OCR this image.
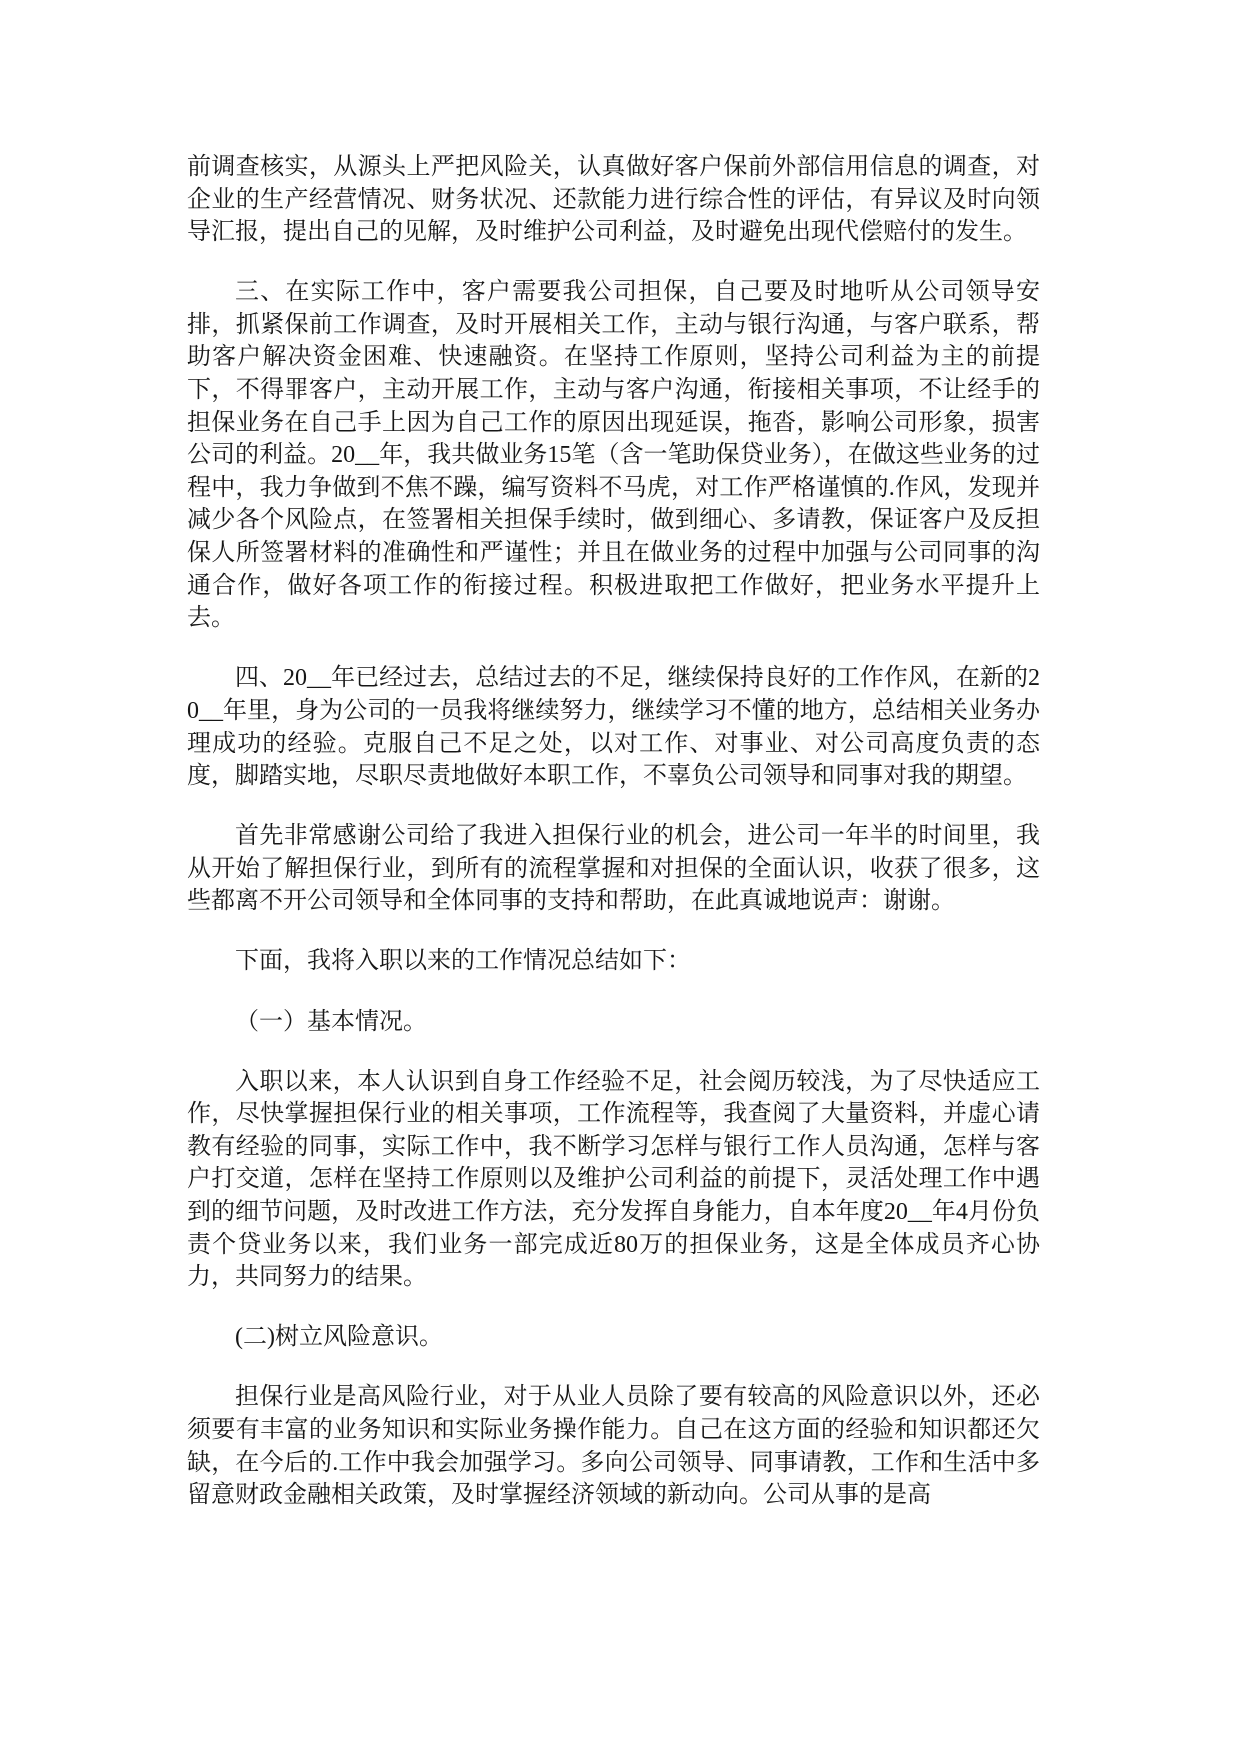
前调查核实，从源头上严把风险关，认真做好客户保前外部信用信息的调查，对企业的生产经营情况、财务状况、还款能力进行综合性的评估，有异议及时向领导汇报，提出自己的见解，及时维护公司利益，及时避免出现代偿赔付的发生。

三、在实际工作中，客户需要我公司担保，自己要及时地听从公司领导安排，抓紧保前工作调查，及时开展相关工作，主动与银行沟通，与客户联系，帮助客户解决资金困难、快速融资。在坚持工作原则，坚持公司利益为主的前提下，不得罪客户，主动开展工作，主动与客户沟通，衔接相关事项，不让经手的担保业务在自己手上因为自己工作的原因出现延误，拖沓，影响公司形象，损害公司的利益。20__年，我共做业务15笔（含一笔助保贷业务），在做这些业务的过程中，我力争做到不焦不躁，编写资料不马虎，对工作严格谨慎的.作风，发现并减少各个风险点，在签署相关担保手续时，做到细心、多请教，保证客户及反担保人所签署材料的准确性和严谨性；并且在做业务的过程中加强与公司同事的沟通合作，做好各项工作的衔接过程。积极进取把工作做好，把业务水平提升上去。

四、20__年已经过去，总结过去的不足，继续保持良好的工作作风，在新的20__年里，身为公司的一员我将继续努力，继续学习不懂的地方，总结相关业务办理成功的经验。克服自己不足之处，以对工作、对事业、对公司高度负责的态度，脚踏实地，尽职尽责地做好本职工作，不辜负公司领导和同事对我的期望。

首先非常感谢公司给了我进入担保行业的机会，进公司一年半的时间里，我从开始了解担保行业，到所有的流程掌握和对担保的全面认识，收获了很多，这些都离不开公司领导和全体同事的支持和帮助，在此真诚地说声：谢谢。

下面，我将入职以来的工作情况总结如下：

（一）基本情况。

入职以来，本人认识到自身工作经验不足，社会阅历较浅，为了尽快适应工作，尽快掌握担保行业的相关事项，工作流程等，我查阅了大量资料，并虚心请教有经验的同事，实际工作中，我不断学习怎样与银行工作人员沟通，怎样与客户打交道，怎样在坚持工作原则以及维护公司利益的前提下，灵活处理工作中遇到的细节问题，及时改进工作方法，充分发挥自身能力，自本年度20__年4月份负责个贷业务以来，我们业务一部完成近80万的担保业务，这是全体成员齐心协力，共同努力的结果。

(二)树立风险意识。

担保行业是高风险行业，对于从业人员除了要有较高的风险意识以外，还必须要有丰富的业务知识和实际业务操作能力。自己在这方面的经验和知识都还欠缺，在今后的.工作中我会加强学习。多向公司领导、同事请教，工作和生活中多留意财政金融相关政策，及时掌握经济领域的新动向。公司从事的是高
